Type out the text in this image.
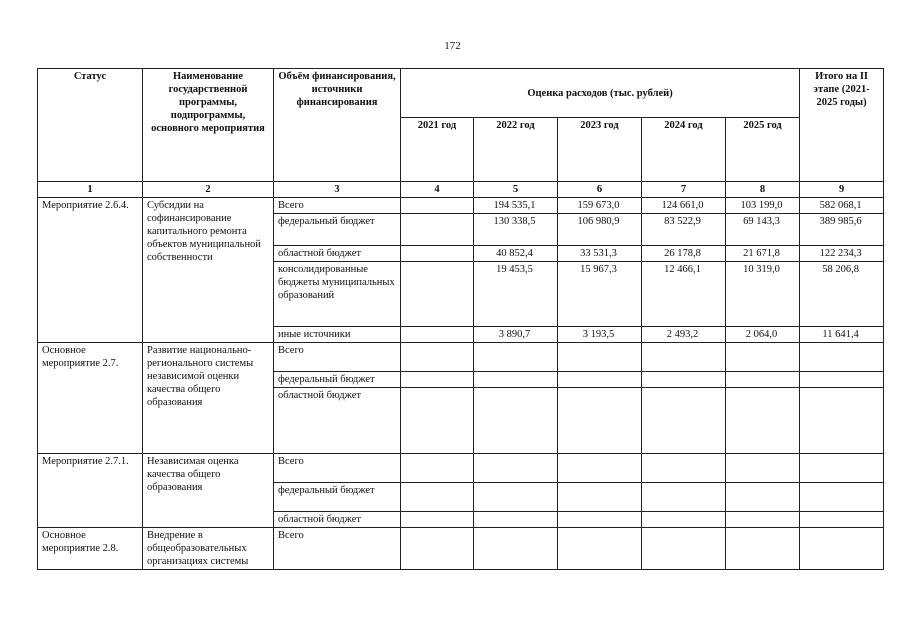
172
Статус	Наименование государственной программы, подпрограммы, основного мероприятия	Объём финансирования, источники финансирования	Оценка расходов (тыс. рублей)					Итого на II этапе (2021-2025 годы)
			2021 год	2022 год	2023 год	2024 год	2025 год	
1	2	3	4	5	6	7	8	9
Мероприятие 2.6.4.	Субсидии на софинансирование капитального ремонта объектов муниципальной собственности	Всего		194 535,1	159 673,0	124 661,0	103 199,0	582 068,1
		федеральный бюджет		130 338,5	106 980,9	83 522,9	69 143,3	389 985,6
		областной бюджет		40 852,4	33 531,3	26 178,8	21 671,8	122 234,3
		консолидированные бюджеты муниципальных образований		19 453,5	15 967,3	12 466,1	10 319,0	58 206,8
		иные источники		3 890,7	3 193,5	2 493,2	2 064,0	11 641,4
Основное мероприятие 2.7.	Развитие национально-регионального системы независимой оценки качества общего образования	Всего						
		федеральный бюджет						
		областной бюджет						
Мероприятие 2.7.1.	Независимая оценка качества общего образования	Всего						
		федеральный бюджет						
		областной бюджет						
Основное мероприятие 2.8.	Внедрение в общеобразовательных организациях системы	Всего						
